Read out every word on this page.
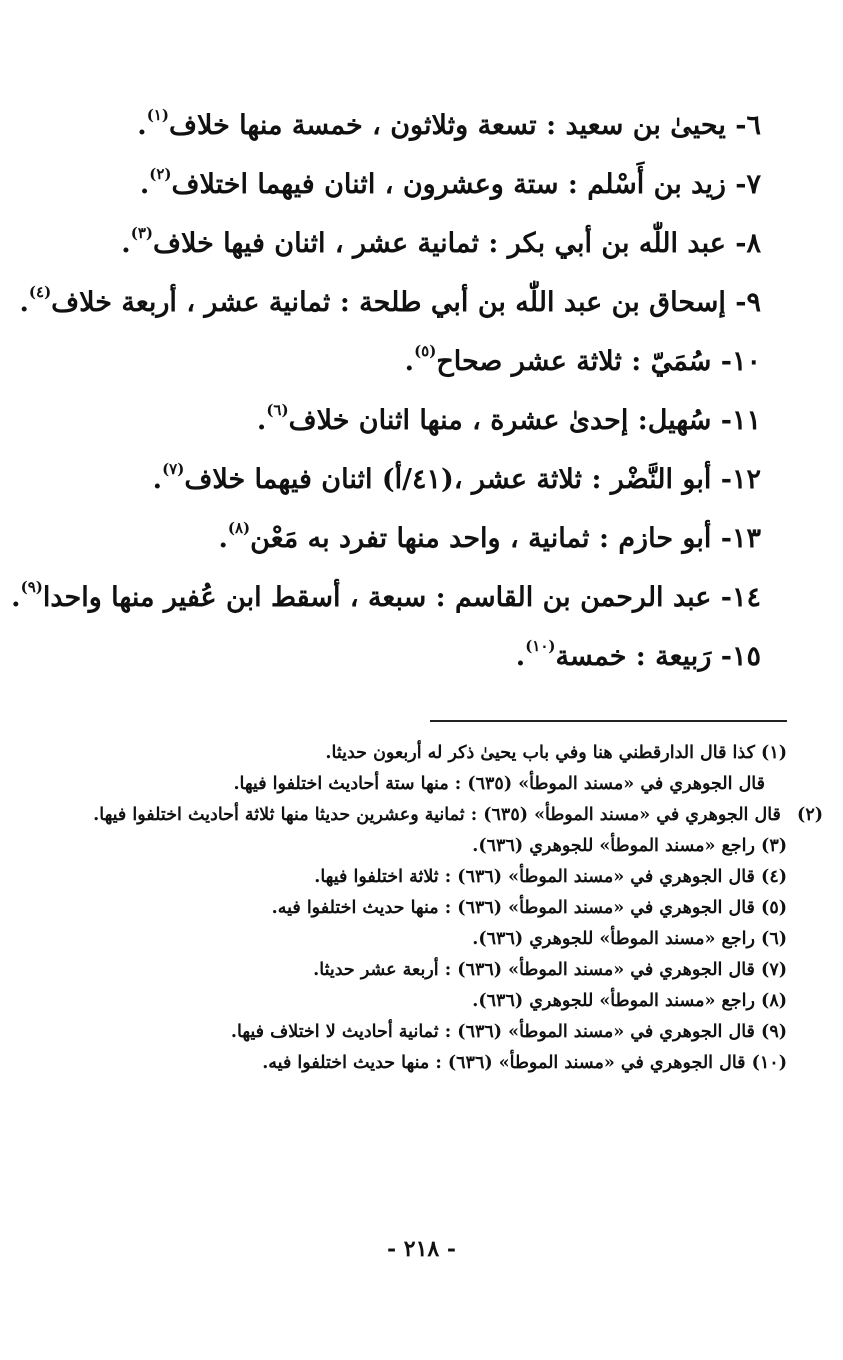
٦- يحيىٰ بن سعيد : تسعة وثلاثون ، خمسة منها خلاف$^{(١)}$.
٧- زيد بن أَسْلم : ستة وعشرون ، اثنان فيهما اختلاف$^{(٢)}$.
٨- عبد اللّٰه بن أبي بكر : ثمانية عشر ، اثنان فيها خلاف$^{(٣)}$.
٩- إسحاق بن عبد اللّٰه بن أبي طلحة : ثمانية عشر ، أربعة خلاف$^{(٤)}$.
١٠- سُمَيّ : ثلاثة عشر صحاح$^{(٥)}$.
١١- سُهيل: إحدىٰ عشرة ، منها اثنان خلاف$^{(٦)}$.
١٢- أبو النَّضْر : ثلاثة عشر ،(٤١/أ) اثنان فيهما خلاف$^{(٧)}$.
١٣- أبو حازم : ثمانية ، واحد منها تفرد به مَعْن$^{(٨)}$.
١٤- عبد الرحمن بن القاسم : سبعة ، أسقط ابن عُفير منها واحدا$^{(٩)}$.
١٥- رَبيعة : خمسة$^{(١٠)}$.
(١) كذا قال الدارقطني هنا وفي باب يحيىٰ ذكر له أربعون حديثا.
قال الجوهري في «مسند الموطأ» (٦٣٥) : منها ستة أحاديث اختلفوا فيها.
(٢) قال الجوهري في «مسند الموطأ» (٦٣٥) : ثمانية وعشرين حديثا منها ثلاثة أحاديث اختلفوا فيها.
(٣) راجع «مسند الموطأ» للجوهري (٦٣٦).
(٤) قال الجوهري في «مسند الموطأ» (٦٣٦) : ثلاثة اختلفوا فيها.
(٥) قال الجوهري في «مسند الموطأ» (٦٣٦) : منها حديث اختلفوا فيه.
(٦) راجع «مسند الموطأ» للجوهري (٦٣٦).
(٧) قال الجوهري في «مسند الموطأ» (٦٣٦) : أربعة عشر حديثا.
(٨) راجع «مسند الموطأ» للجوهري (٦٣٦).
(٩) قال الجوهري في «مسند الموطأ» (٦٣٦) : ثمانية أحاديث لا اختلاف فيها.
(١٠) قال الجوهري في «مسند الموطأ» (٦٣٦) : منها حديث اختلفوا فيه.
- ٢١٨ -
